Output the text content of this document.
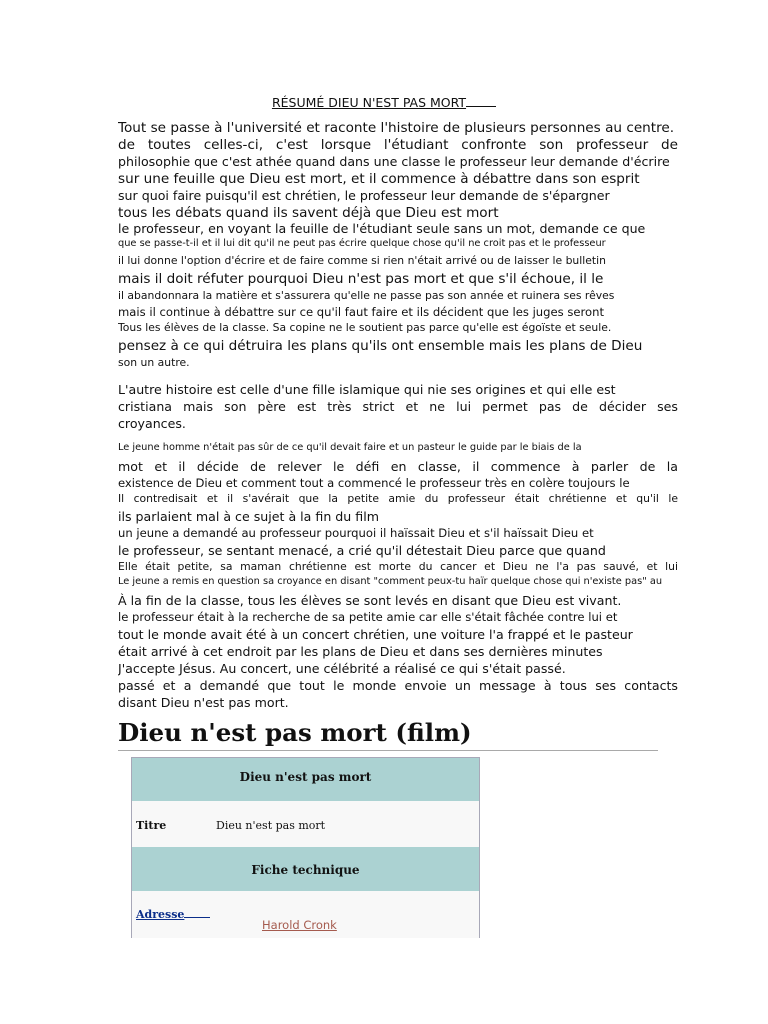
RÉSUMÉ DIEU N'EST PAS MORT
Tout se passe à l'université et raconte l'histoire de plusieurs personnes au centre.
de toutes celles-ci, c'est lorsque l'étudiant confronte son professeur de
philosophie que c'est athée quand dans une classe le professeur leur demande d'écrire
sur une feuille que Dieu est mort, et il commence à débattre dans son esprit
sur quoi faire puisqu'il est chrétien, le professeur leur demande de s'épargner
tous les débats quand ils savent déjà que Dieu est mort
le professeur, en voyant la feuille de l'étudiant seule sans un mot, demande ce que
que se passe-t-il et il lui dit qu'il ne peut pas écrire quelque chose qu'il ne croit pas et le professeur
il lui donne l'option d'écrire et de faire comme si rien n'était arrivé ou de laisser le bulletin
mais il doit réfuter pourquoi Dieu n'est pas mort et que s'il échoue, il le
il abandonnara la matière et s'assurera qu'elle ne passe pas son année et ruinera ses rêves
mais il continue à débattre sur ce qu'il faut faire et ils décident que les juges seront
Tous les élèves de la classe. Sa copine ne le soutient pas parce qu'elle est égoïste et seule.
pensez à ce qui détruira les plans qu'ils ont ensemble mais les plans de Dieu
son un autre.
L'autre histoire est celle d'une fille islamique qui nie ses origines et qui elle est
cristiana mais son père est très strict et ne lui permet pas de décider ses
croyances.
Le jeune homme n'était pas sûr de ce qu'il devait faire et un pasteur le guide par le biais de la
mot et il décide de relever le défi en classe, il commence à parler de la
existence de Dieu et comment tout a commencé le professeur très en colère toujours le
Il contredisait et il s'avérait que la petite amie du professeur était chrétienne et qu'il le
ils parlaient mal à ce sujet à la fin du film
un jeune a demandé au professeur pourquoi il haïssait Dieu et s'il haïssait Dieu et
le professeur, se sentant menacé, a crié qu'il détestait Dieu parce que quand
Elle était petite, sa maman chrétienne est morte du cancer et Dieu ne l'a pas sauvé, et lui
Le jeune a remis en question sa croyance en disant "comment peux-tu haïr quelque chose qui n'existe pas" au
À la fin de la classe, tous les élèves se sont levés en disant que Dieu est vivant.
le professeur était à la recherche de sa petite amie car elle s'était fâchée contre lui et
tout le monde avait été à un concert chrétien, une voiture l'a frappé et le pasteur
était arrivé à cet endroit par les plans de Dieu et dans ses dernières minutes
J'accepte Jésus. Au concert, une célébrité a réalisé ce qui s'était passé.
passé et a demandé que tout le monde envoie un message à tous ses contacts
disant Dieu n'est pas mort.
Dieu n'est pas mort (film)
Dieu n'est pas mort
Titre	Dieu n'est pas mort
Fiche technique
Adresse
Harold Cronk
